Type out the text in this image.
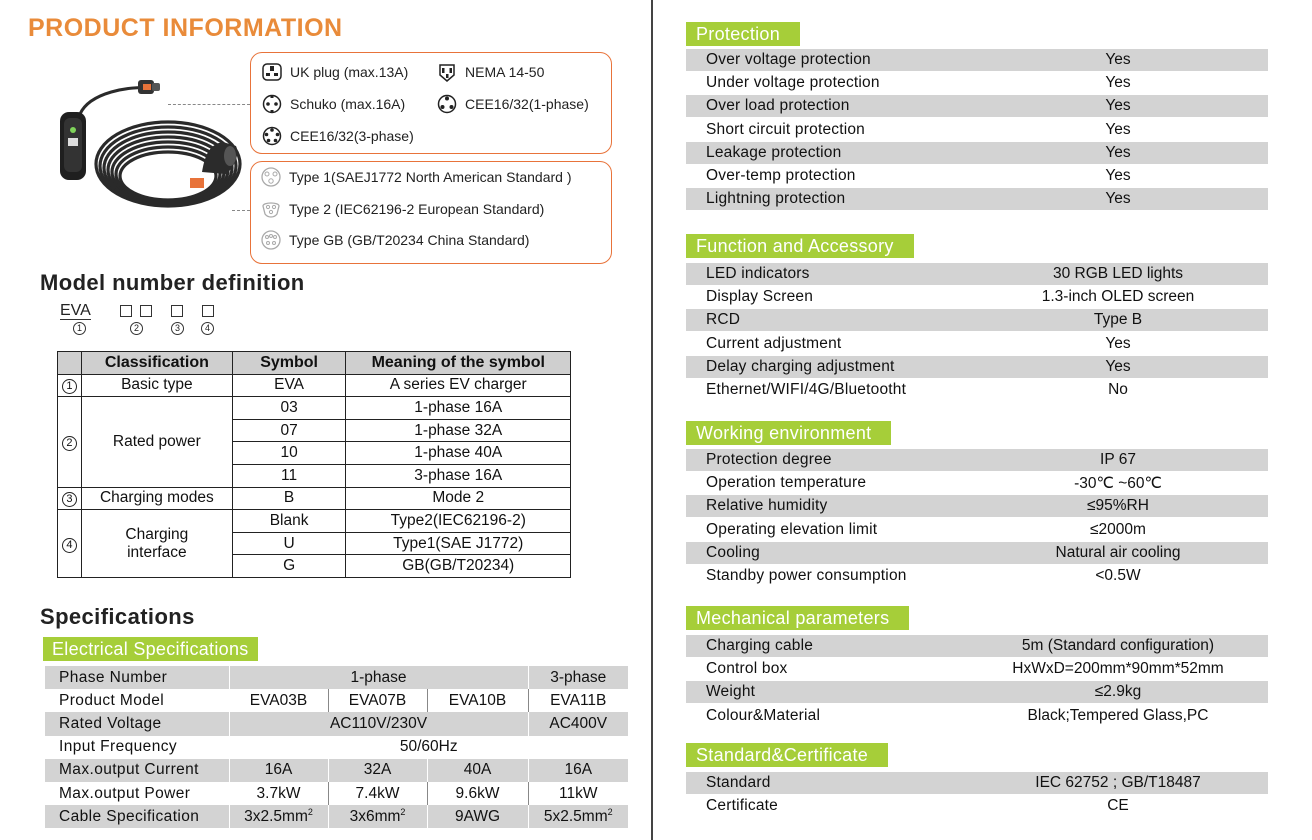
PRODUCT INFORMATION
UK plug (max.13A)	NEMA 14-50
Schuko (max.16A)	CEE16/32(1-phase)
CEE16/32(3-phase)
Type 1(SAEJ1772 North American Standard )
Type 2 (IEC62196-2 European Standard)
Type GB (GB/T20234 China Standard)
Model number definition
EVA
1	2	3	4
	Classification	Symbol	Meaning of the symbol
1	Basic type	EVA	A series EV charger
2	Rated power	03	1-phase 16A
		07	1-phase 32A
		10	1-phase 40A
		11	3-phase 16A
3	Charging modes	B	Mode 2
4	Charging
interface	Blank	Type2(IEC62196-2)
		U	Type1(SAE J1772)
		G	GB(GB/T20234)
Specifications
Electrical Specifications
Phase Number	1-phase			3-phase
Product Model	EVA03B	EVA07B	EVA10B	EVA11B
Rated Voltage	AC110V/230V			AC400V
Input Frequency	50/60Hz			
Max.output Current	16A	32A	40A	16A
Max.output Power	3.7kW	7.4kW	9.6kW	11kW
Cable Specification	$3x2.5mm^2$	$3x6mm^2$	9AWG	$5x2.5mm^2$
Protection
Over voltage protection	Yes
Under voltage protection	Yes
Over load protection	Yes
Short circuit protection	Yes
Leakage protection	Yes
Over-temp protection	Yes
Lightning protection	Yes
Function and Accessory
LED indicators	30 RGB LED lights
Display Screen	1.3-inch OLED screen
RCD	Type B
Current adjustment	Yes
Delay charging adjustment	Yes
Ethernet/WIFI/4G/Bluetootht	No
Working environment
Protection degree	IP 67
Operation temperature	-30℃ ~60℃
Relative humidity	≤95%RH
Operating elevation limit	≤2000m
Cooling	Natural air cooling
Standby power consumption	<0.5W
Mechanical parameters
Charging cable	5m (Standard configuration)
Control box	HxWxD=200mm*90mm*52mm
Weight	≤2.9kg
Colour&Material	Black;Tempered Glass,PC
Standard&Certificate
Standard	IEC 62752 ; GB/T18487
Certificate	CE
